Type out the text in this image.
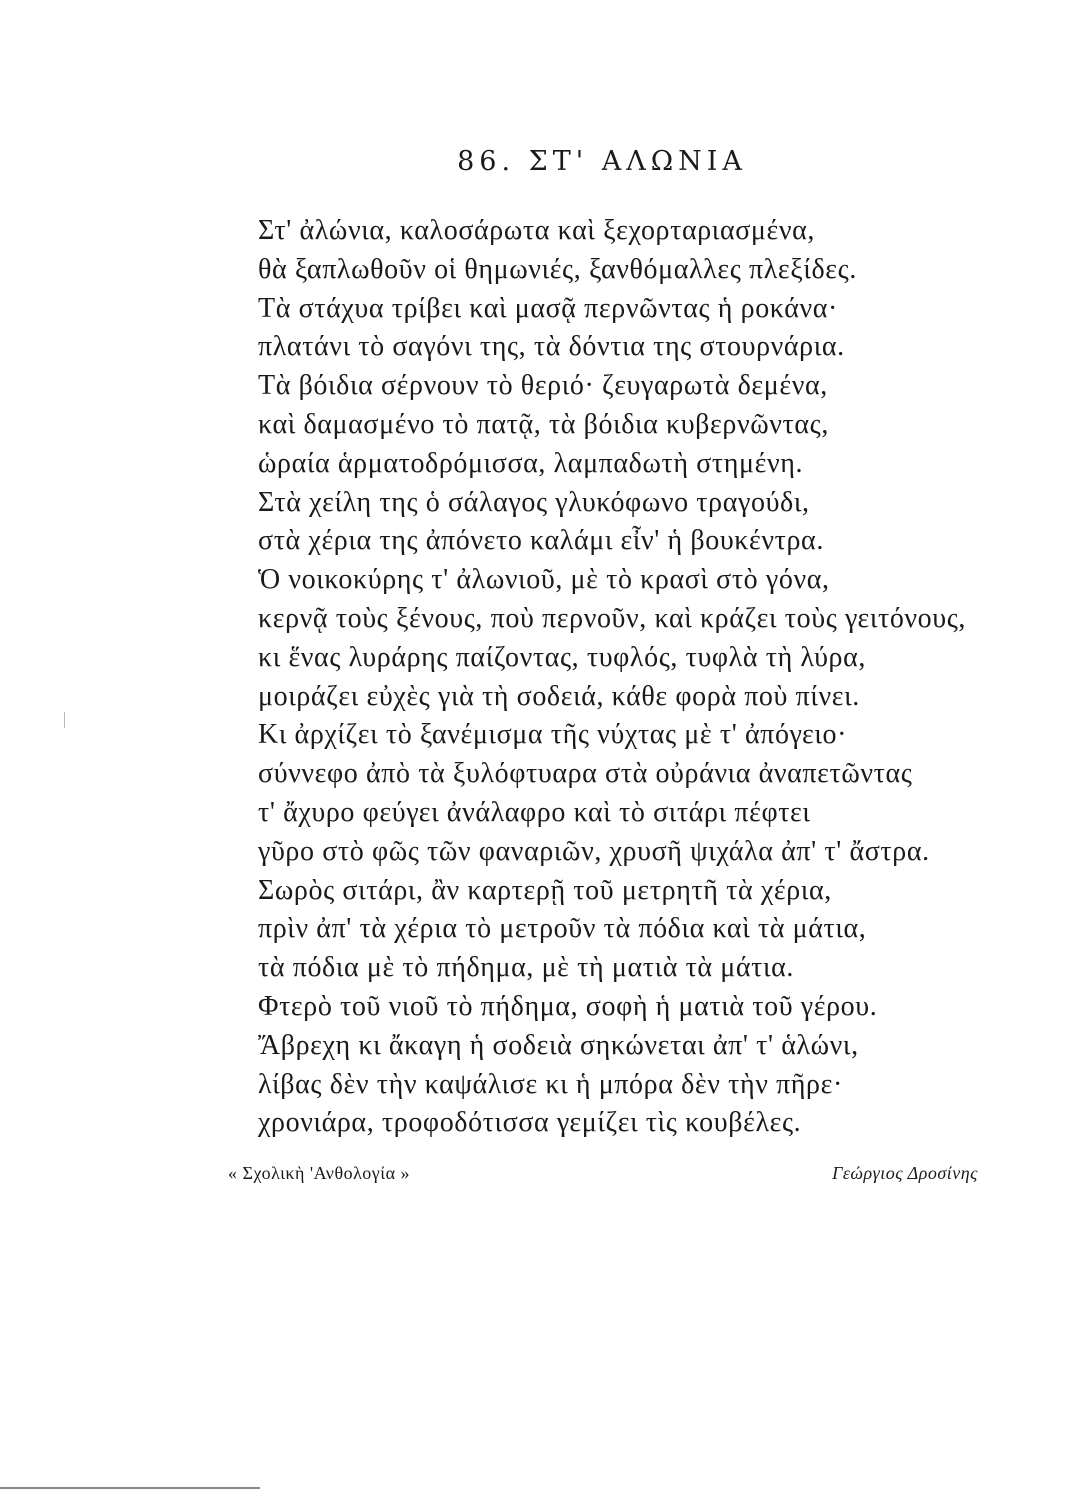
86. ΣΤ' ΑΛΩΝΙΑ
Στ' ἀλώνια, καλοσάρωτα καὶ ξεχορταριασμένα,
θὰ ξαπλωθοῦν οἱ θημωνιές, ξανθόμαλλες πλεξίδες.
Τὰ στάχυα τρίβει καὶ μασᾷ περνῶντας ἡ ροκάνα·
πλατάνι τὸ σαγόνι της, τὰ δόντια της στουρνάρια.
Τὰ βόιδια σέρνουν τὸ θεριό· ζευγαρωτὰ δεμένα,
καὶ δαμασμένο τὸ πατᾷ, τὰ βόιδια κυβερνῶντας,
ὡραία ἁρματοδρόμισσα, λαμπαδωτὴ στημένη.
Στὰ χείλη της ὁ σάλαγος γλυκόφωνο τραγούδι,
στὰ χέρια της ἀπόνετο καλάμι εἶν' ἡ βουκέντρα.
Ὁ νοικοκύρης τ' ἀλωνιοῦ, μὲ τὸ κρασὶ στὸ γόνα,
κερνᾷ τοὺς ξένους, ποὺ περνοῦν, καὶ κράζει τοὺς γειτόνους,
κι ἕνας λυράρης παίζοντας, τυφλός, τυφλὰ τὴ λύρα,
μοιράζει εὐχὲς γιὰ τὴ σοδειά, κάθε φορὰ ποὺ πίνει.
Κι ἀρχίζει τὸ ξανέμισμα τῆς νύχτας μὲ τ' ἀπόγειο·
σύννεφο ἀπὸ τὰ ξυλόφτυαρα στὰ οὐράνια ἀναπετῶντας
τ' ἄχυρο φεύγει ἀνάλαφρο καὶ τὸ σιτάρι πέφτει
γῦρο στὸ φῶς τῶν φαναριῶν, χρυσῆ ψιχάλα ἀπ' τ' ἄστρα.
Σωρὸς σιτάρι, ἂν καρτερῇ τοῦ μετρητῆ τὰ χέρια,
πρὶν ἀπ' τὰ χέρια τὸ μετροῦν τὰ πόδια καὶ τὰ μάτια,
τὰ πόδια μὲ τὸ πήδημα, μὲ τὴ ματιὰ τὰ μάτια.
Φτερὸ τοῦ νιοῦ τὸ πήδημα, σοφὴ ἡ ματιὰ τοῦ γέρου.
Ἄβρεχη κι ἄκαγη ἡ σοδειὰ σηκώνεται ἀπ' τ' ἁλώνι,
λίβας δὲν τὴν καψάλισε κι ἡ μπόρα δὲν τὴν πῆρε·
χρονιάρα, τροφοδότισσα γεμίζει τὶς κουβέλες.
« Σχολικὴ 'Ανθολογία »	Γεώργιος Δροσίνης
